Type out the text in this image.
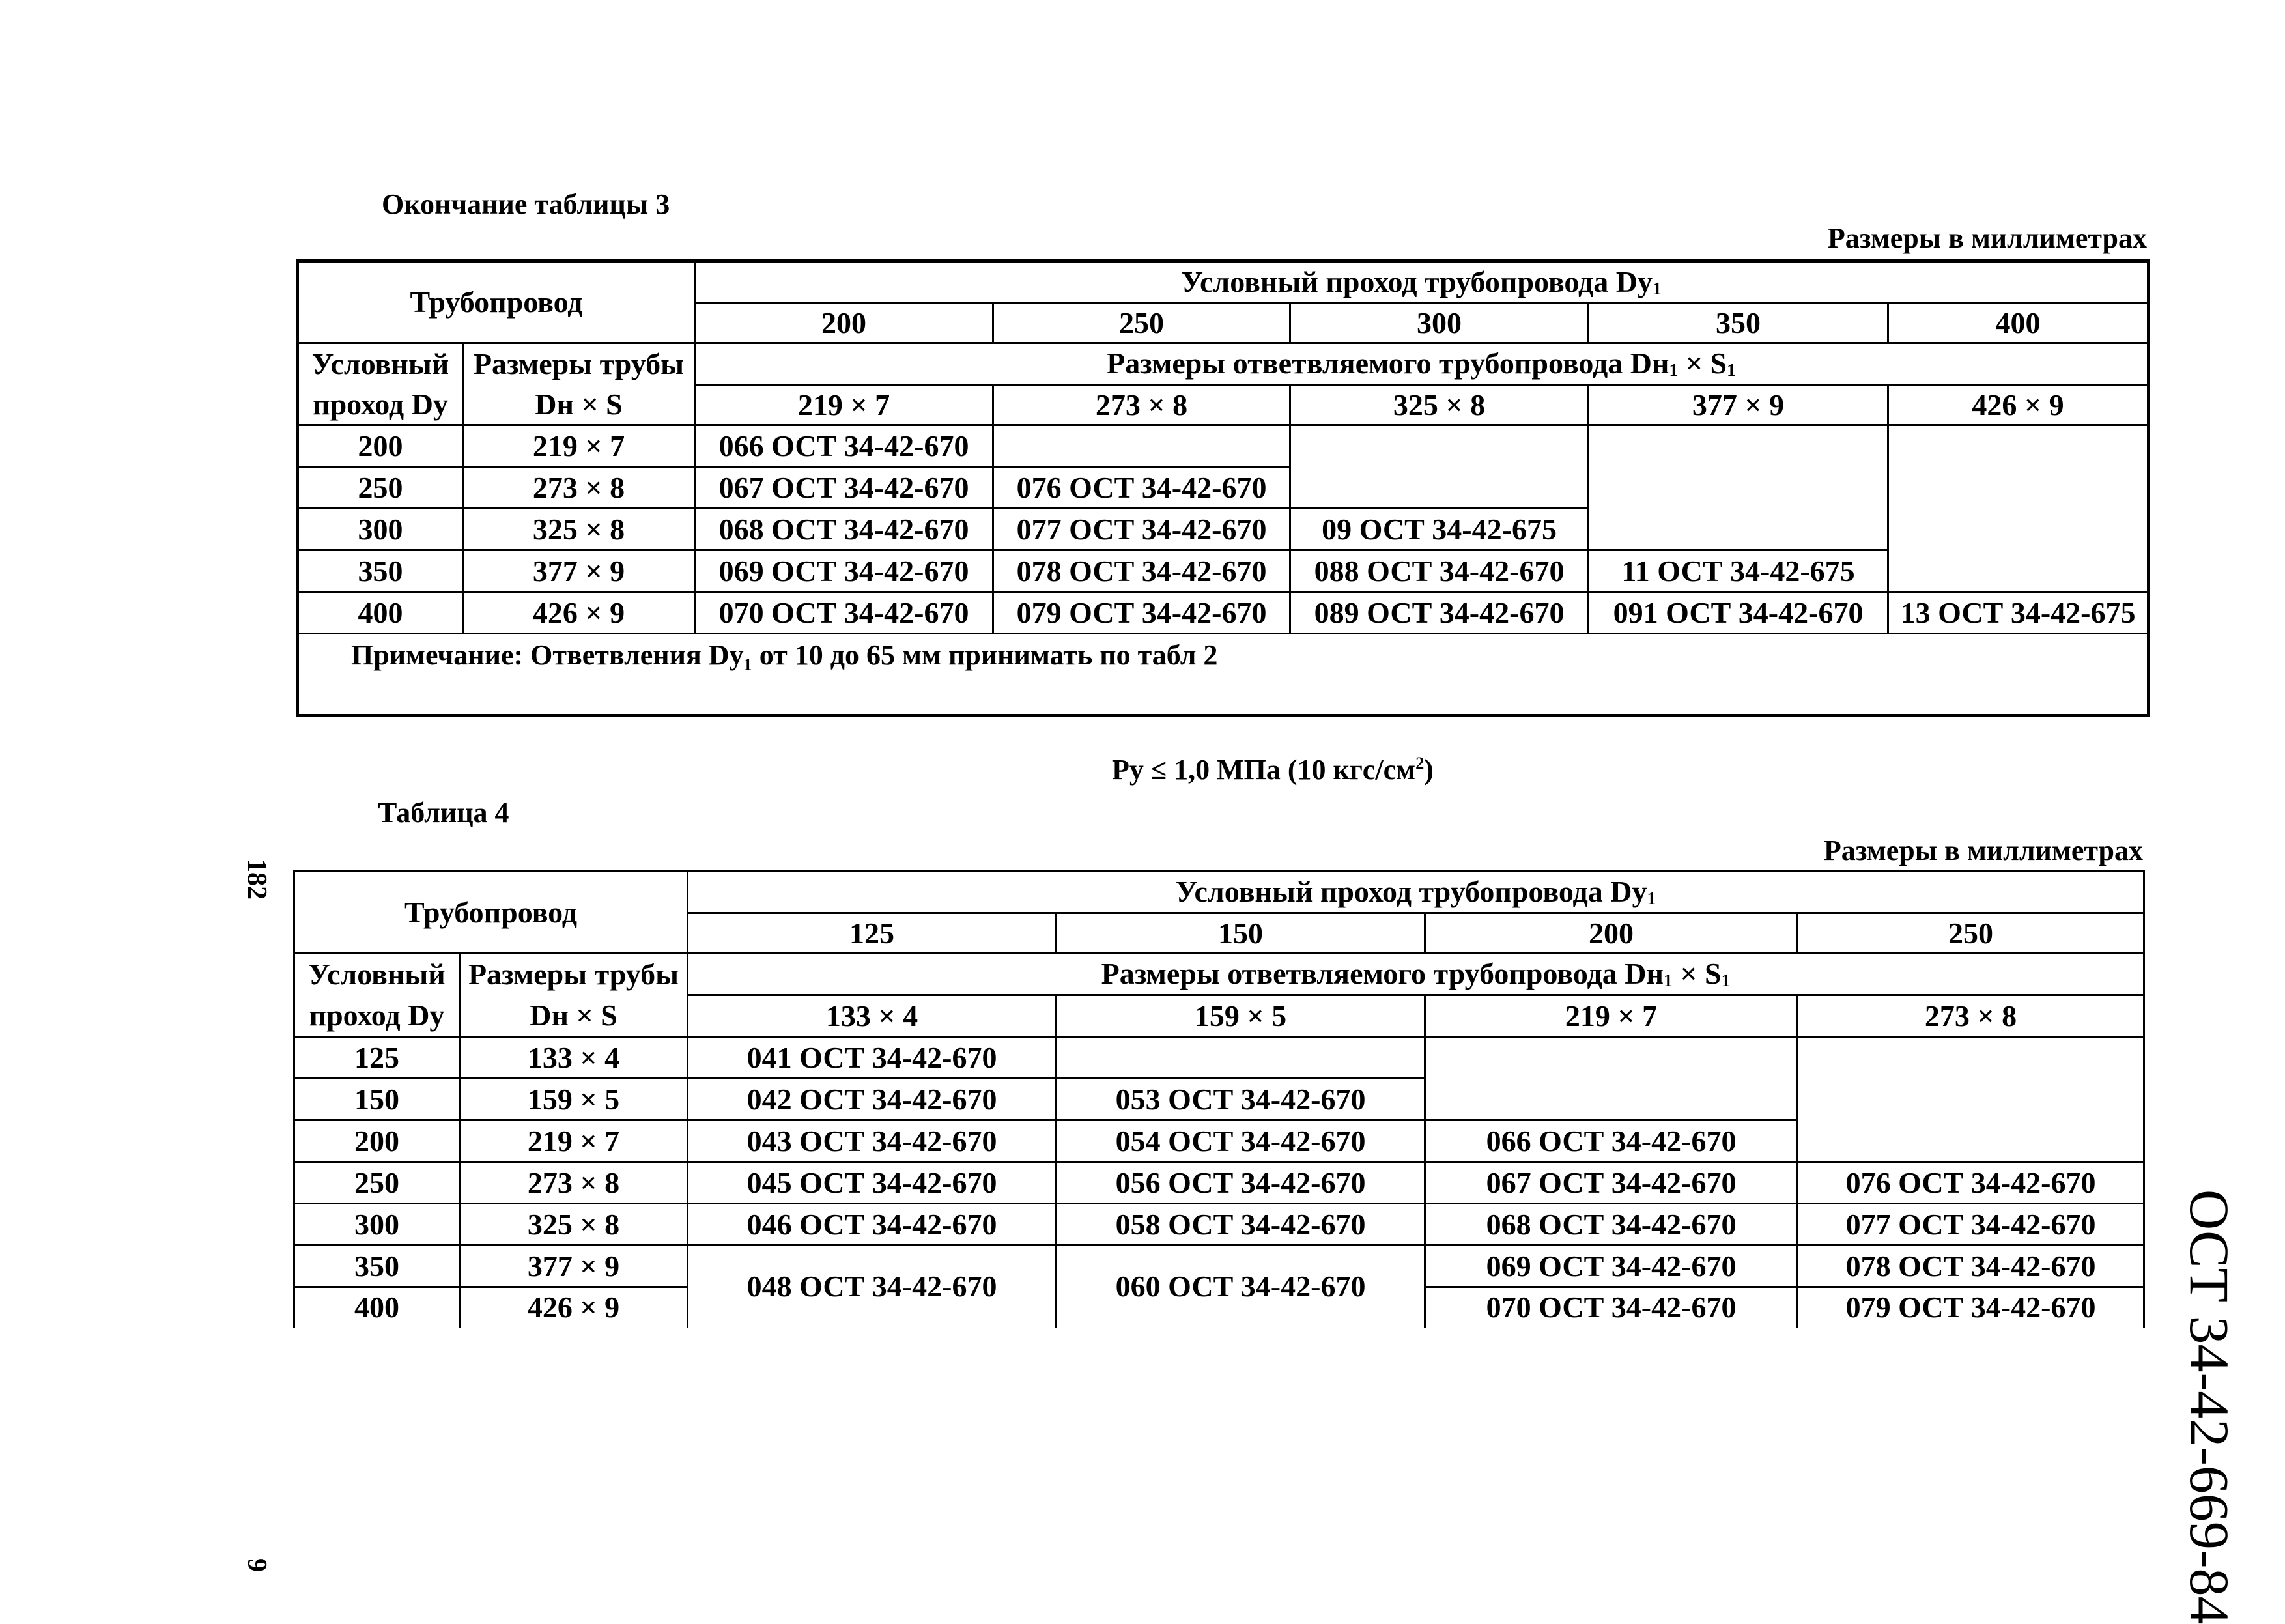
Окончание таблицы 3
Размеры в миллиметрах
Трубопровод		Условный проход трубопровода $Dy_1$
		200	250	300	350	400
Условный	Размеры трубы	Размеры ответвляемого трубопровода $Dн_1 \times S_1$
проход Dy	Dн × S	219 × 7	273 × 8	325 × 8	377 × 9	426 × 9
200	219 × 7	066 ОСТ 34-42-670				
250	273 × 8	067 ОСТ 34-42-670	076 ОСТ 34-42-670			
300	325 × 8	068 ОСТ 34-42-670	077 ОСТ 34-42-670	09 ОСТ 34-42-675		
350	377 × 9	069 ОСТ 34-42-670	078 ОСТ 34-42-670	088 ОСТ 34-42-670	11 ОСТ 34-42-675	
400	426 × 9	070 ОСТ 34-42-670	079 ОСТ 34-42-670	089 ОСТ 34-42-670	091 ОСТ 34-42-670	13 ОСТ 34-42-675
Примечание: Ответвления Dy₁ от 10 до 65 мм принимать по табл 2						
Py ≤ 1,0 МПа (10 кгс/$см^2$)
Таблица 4
Размеры в миллиметрах
Трубопровод		Условный проход трубопровода $Dy_1$
		125	150	200	250
Условный	Размеры трубы	Размеры ответвляемого трубопровода $Dн_1 \times S_1$
проход Dy	Dн × S	133 × 4	159 × 5	219 × 7	273 × 8
125	133 × 4	041 ОСТ 34-42-670			
150	159 × 5	042 ОСТ 34-42-670	053 ОСТ 34-42-670		
200	219 × 7	043 ОСТ 34-42-670	054 ОСТ 34-42-670	066 ОСТ 34-42-670	
250	273 × 8	045 ОСТ 34-42-670	056 ОСТ 34-42-670	067 ОСТ 34-42-670	076 ОСТ 34-42-670
300	325 × 8	046 ОСТ 34-42-670	058 ОСТ 34-42-670	068 ОСТ 34-42-670	077 ОСТ 34-42-670
350	377 × 9	048 ОСТ 34-42-670	060 ОСТ 34-42-670	069 ОСТ 34-42-670	078 ОСТ 34-42-670
400	426 × 9			070 ОСТ 34-42-670	079 ОСТ 34-42-670 ОСТ 34-42-669-84
182
9
